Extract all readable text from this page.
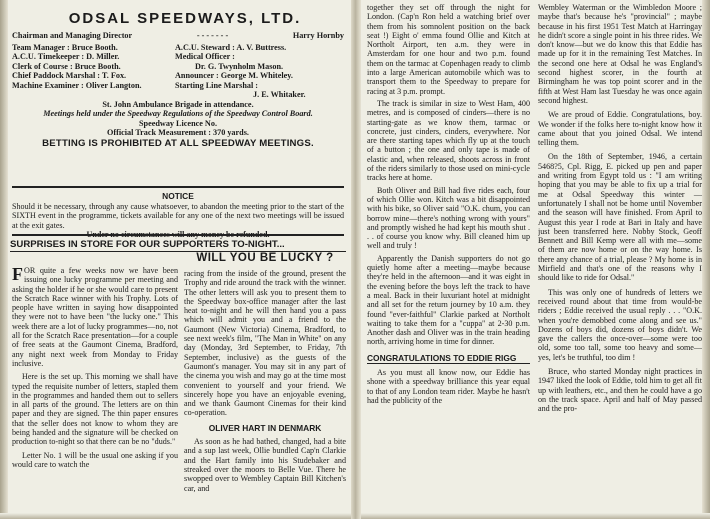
ODSAL SPEEDWAYS, LTD.
Chairman and Managing Director	- - - - - - -	Harry Hornby
Team Manager : Bruce Booth.	A.C.U. Steward : A. V. Buttress.
A.C.U. Timekeeper : D. Miller.	Medical Officer :
Clerk of Course : Bruce Booth.	Dr. G. Twynholm Mason.
Chief Paddock Marshal : T. Fox.	Announcer : George M. Whiteley.
Machine Examiner : Oliver Langton.	Starting Line Marshal :
J. E. Whitaker.
St. John Ambulance Brigade in attendance.
Meetings held under the Speedway Regulations of the Speedway Control Board.
Speedway Licence No.
Official Track Measurement : 370 yards.
BETTING IS PROHIBITED AT ALL SPEEDWAY MEETINGS.
NOTICE
Should it be necessary, through any cause whatsoever, to abandon the meeting prior to the start of the SIXTH event in the programme, tickets available for any one of the next two meetings will be issued at the exit gates.
Under no circumstances will any money be refunded.
SURPRISES IN STORE FOR OUR SUPPORTERS TO-NIGHT...
WILL YOU BE LUCKY ?

FOR quite a few weeks now we have been issuing one lucky programme per meeting and asking the holder if he or she would care to present the Scratch Race winner with his Trophy. Lots of people have written in saying how disappointed they were not to have been "the lucky one." This week there are a lot of lucky programmes—no, not all for the Scratch Race presentation—for a couple of free seats at the Gaumont Cinema, Bradford, any night next week from Monday to Friday inclusive.

Here is the set up. This morning we shall have typed the requisite number of letters, stapled them in the programmes and handed them out to sellers in all parts of the ground. The letters are on thin paper and they are signed. The thin paper ensures that the seller does not know to whom they are being handed and the signature will be checked on production to-night so that there can be no "duds."

Letter No. 1 will be the usual one asking if you would care to watch the

racing from the inside of the ground, present the Trophy and ride around the track with the winner. The other letters will ask you to present them to the Speedway box-office manager after the last heat to-night and he will then hand you a pass which will admit you and a friend to the Gaumont (New Victoria) Cinema, Bradford, to see next week's film, "The Man in White" on any day (Monday, 3rd September, to Friday, 7th September, inclusive) as the guests of the Gaumont's manager. You may sit in any part of the cinema you wish and may go at the time most convenient to yourself and your friend. We sincerely hope you have an enjoyable evening, and we thank Gaumont Cinemas for their kind co-operation.

OLIVER HART IN DENMARK

As soon as he had bathed, changed, had a bite and a sup last week, Ollie bundled Cap'n Clarkie and the Hart family into his Studebaker and streaked over the moors to Belle Vue. There he swopped over to Wembley Captain Bill Kitchen's car, and

together they set off through the night for London. (Cap'n Ron held a watching brief over them from his somnolent position on the back seat !) Eight o' emma found Ollie and Kitch at Northolt Airport, ten a.m. they were in Amsterdam for one hour and two p.m. found them on the tarmac at Copenhagen ready to climb into a large American automobile which was to transport them to the Speedway to prepare for racing at 3 p.m. prompt.

The track is similar in size to West Ham, 400 metres, and is composed of cinders—there is no starting-gate as we know them, tarmac or concrete, just cinders, cinders, everywhere. Nor are there starting tapes which fly up at the touch of a button ; the one and only tape is made of elastic and, when released, shoots across in front of the riders similarly to those used on mini-cycle tracks here at home.

Both Oliver and Bill had five rides each, four of which Ollie won. Kitch was a bit disappointed with his bike, so Oliver said "O.K. chum, you can borrow mine—there's nothing wrong with yours" and promptly wished he had kept his mouth shut . . . of course you know why. Bill cleaned him up well and truly !

Apparently the Danish supporters do not go quietly home after a meeting—maybe because they're held in the afternoon—and it was eight in the evening before the boys left the track to have a meal. Back in their luxuriant hotel at midnight and all set for the return journey by 10 a.m. they found "ever-faithful" Clarkie parked at Northolt waiting to take them for a "cuppa" at 2-30 p.m. Another dash and Oliver was in the train heading north, arriving home in time for dinner.

CONGRATULATIONS TO EDDIE RIGG

As you must all know now, our Eddie has shone with a speedway brilliance this year equal to that of any London team rider. Maybe he hasn't had the publicity of the

Wembley Waterman or the Wimbledon Moore ; maybe that's because he's "provincial" ; maybe because in his first 1951 Test Match at Harringay he didn't score a single point in his three rides. We don't know—but we do know this that Eddie has made up for it in the remaining Test Matches. In the second one here at Odsal he was England's second highest scorer, in the fourth at Birmingham he was top point scorer and in the fifth at West Ham last Tuesday he was once again second highest.

We are proud of Eddie. Congratulations, boy. We wonder if the folks here to-night know how it came about that you joined Odsal. We intend telling them.

On the 18th of September, 1946, a certain 5468?5, Cpl. Rigg, E. picked up pen and paper and writing from Egypt told us : "I am writing hoping that you may be able to fix up a trial for me at Odsal Speedway this winter —unfortunately I shall not be home until November and the season will have finished. From April to August this year I rode at Bari in Italy and have just been transferred here. Nobby Stock, Geoff Bennett and Bill Kemp were all with me—some of them are now home or on the way home. Is there any chance of a trial, please ? My home is in Mirfield and that's one of the reasons why I should like to ride for Odsal."

This was only one of hundreds of letters we received round about that time from would-be riders ; Eddie received the usual reply . . . "O.K. when you're demobbed come along and see us." Dozens of boys did, dozens of boys didn't. We gave the callers the once-over—some were too old, some too tall, some too heavy and some—yes, let's be truthful, too dim !

Bruce, who started Monday night practices in 1947 liked the look of Eddie, told him to get all fit up with leathers, etc., and then he could have a go on the track space. April and half of May passed and the pro-
